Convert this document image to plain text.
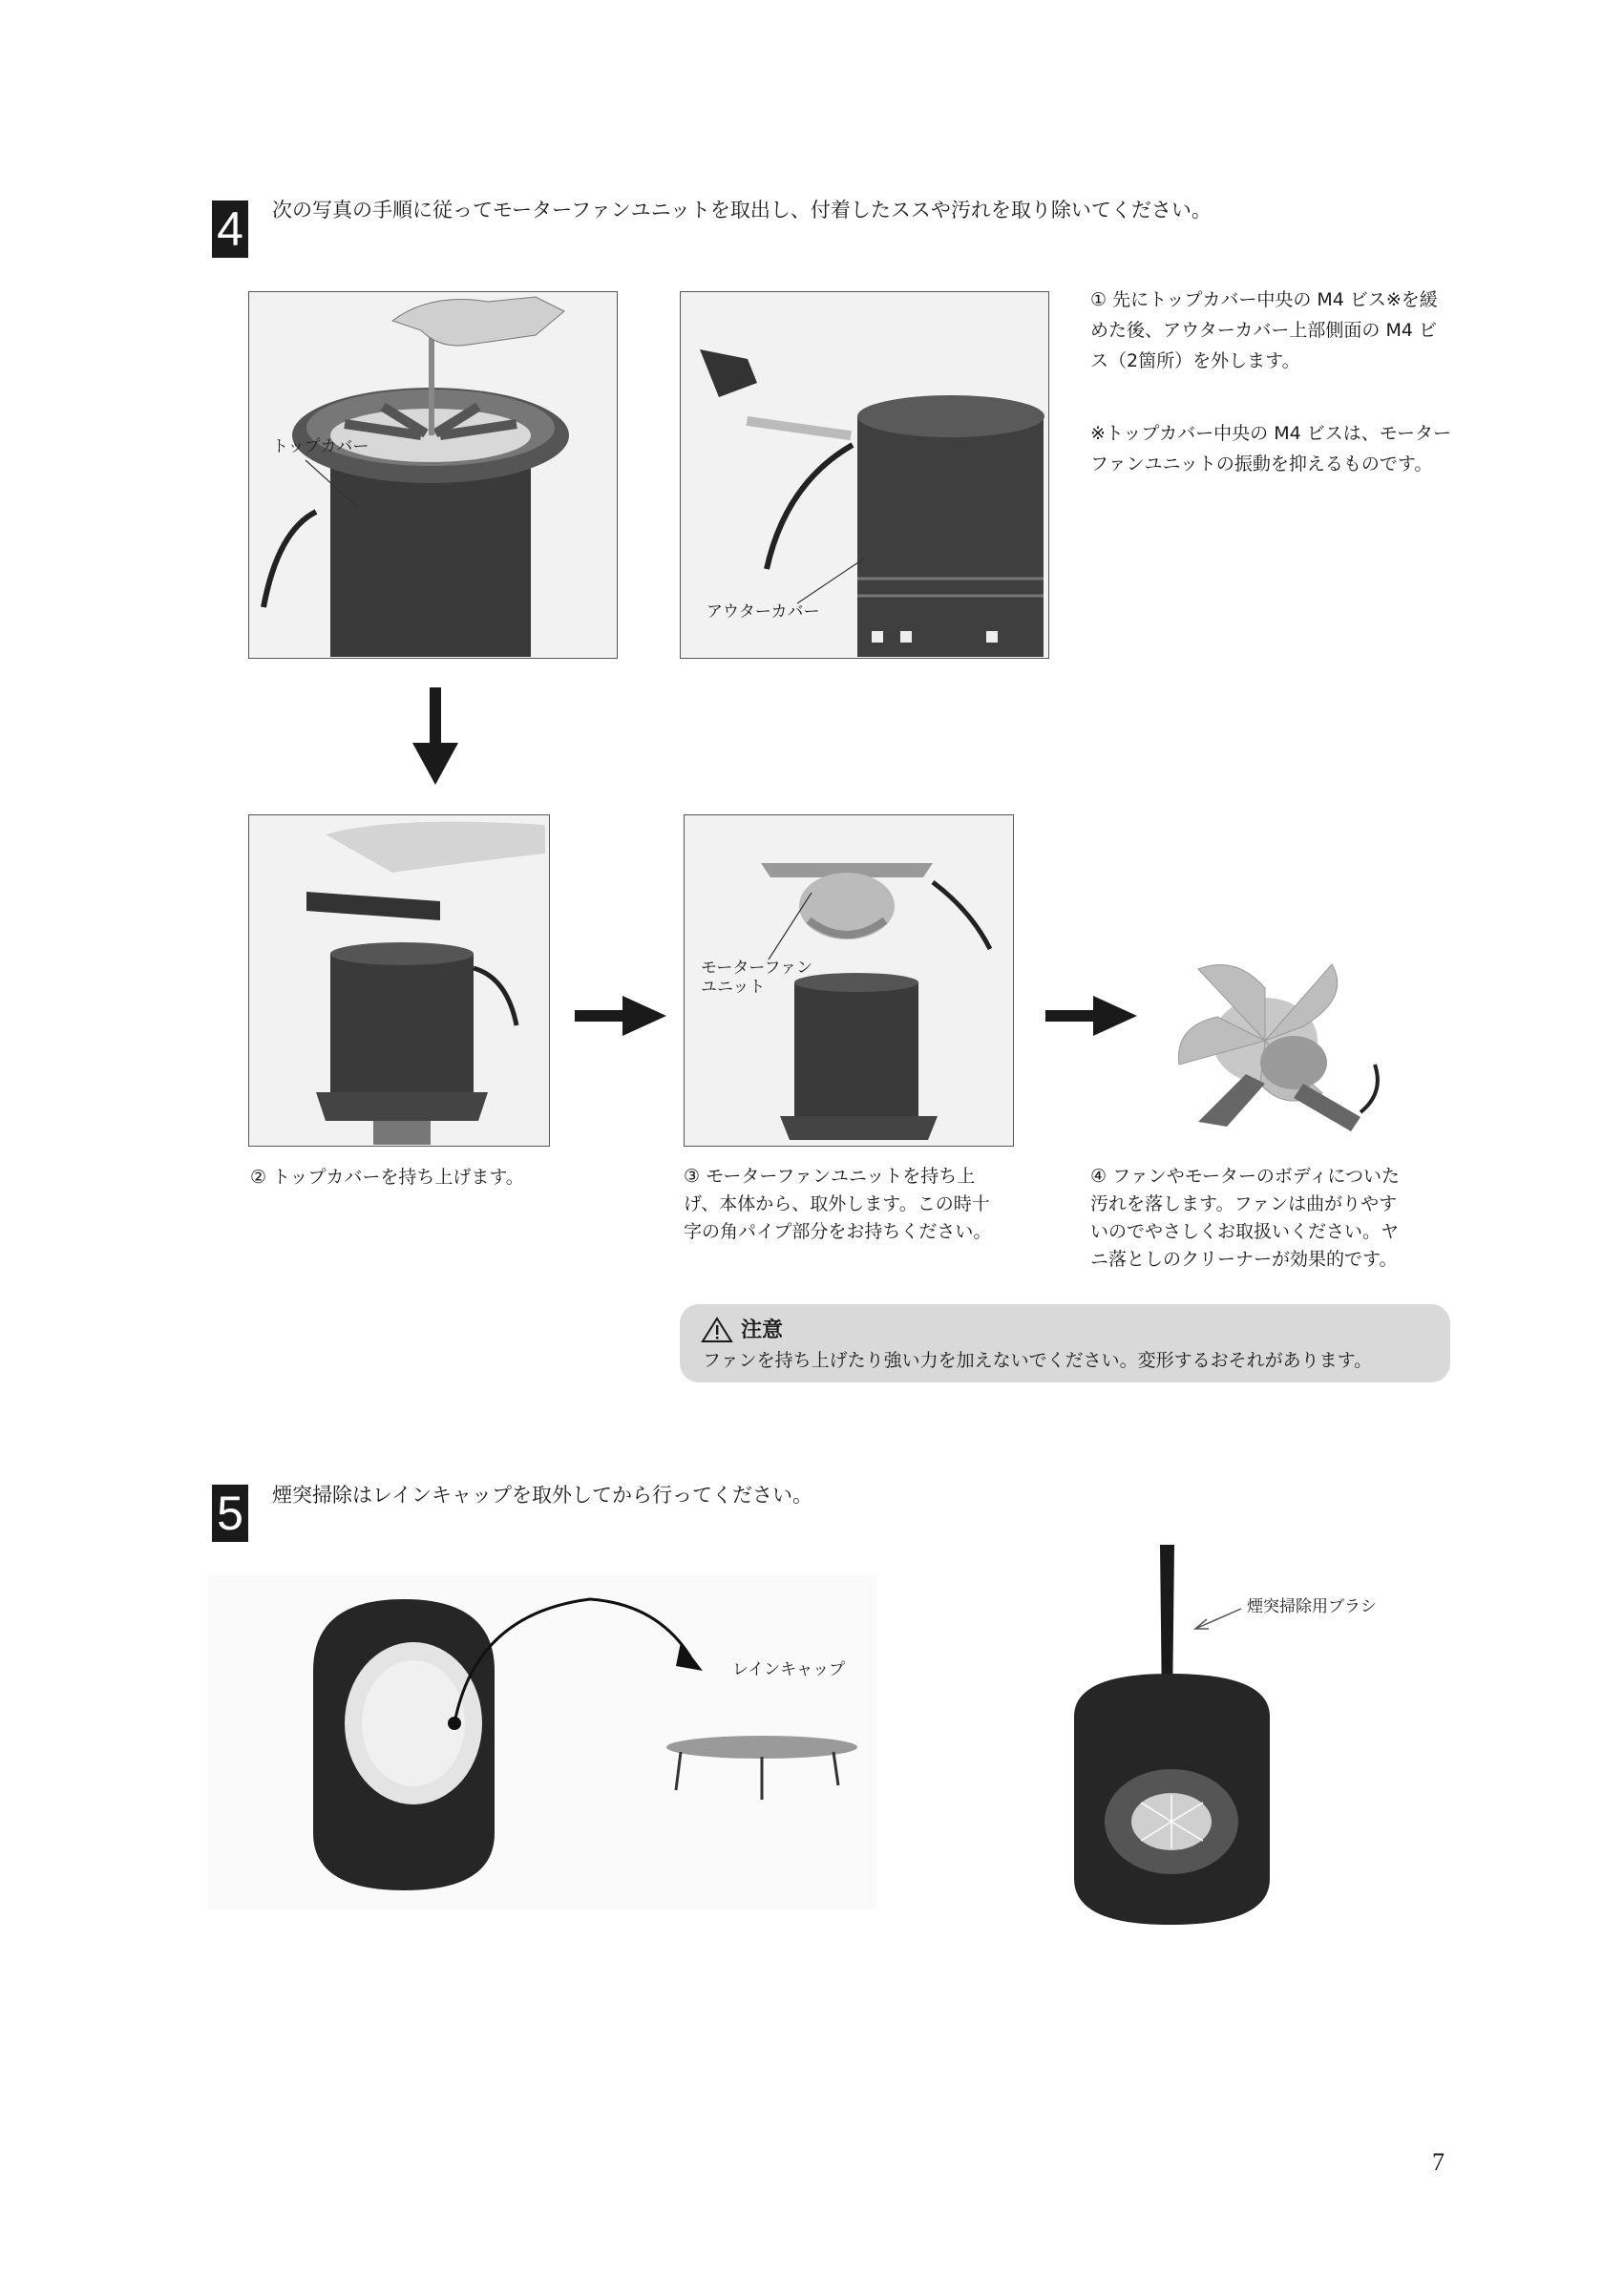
4 次の写真の手順に従ってモーターファンユニットを取出し、付着したススや汚れを取り除いてください。
トップカバー
アウターカバー
① 先にトップカバー中央の M4 ビス※を緩
めた後、アウターカバー上部側面の M4 ビ
ス（2箇所）を外します。
※トップカバー中央の M4 ビスは、モーター
ファンユニットの振動を抑えるものです。
② トップカバーを持ち上げます。
モーターファン
ユニット
③ モーターファンユニットを持ち上
げ、本体から、取外します。この時十
字の角パイプ部分をお持ちください。
④ ファンやモーターのボディについた
汚れを落します。ファンは曲がりやす
いのでやさしくお取扱いください。ヤ
ニ落としのクリーナーが効果的です。
注意
ファンを持ち上げたり強い力を加えないでください。変形するおそれがあります。
5 煙突掃除はレインキャップを取外してから行ってください。
レインキャップ
煙突掃除用ブラシ
7
